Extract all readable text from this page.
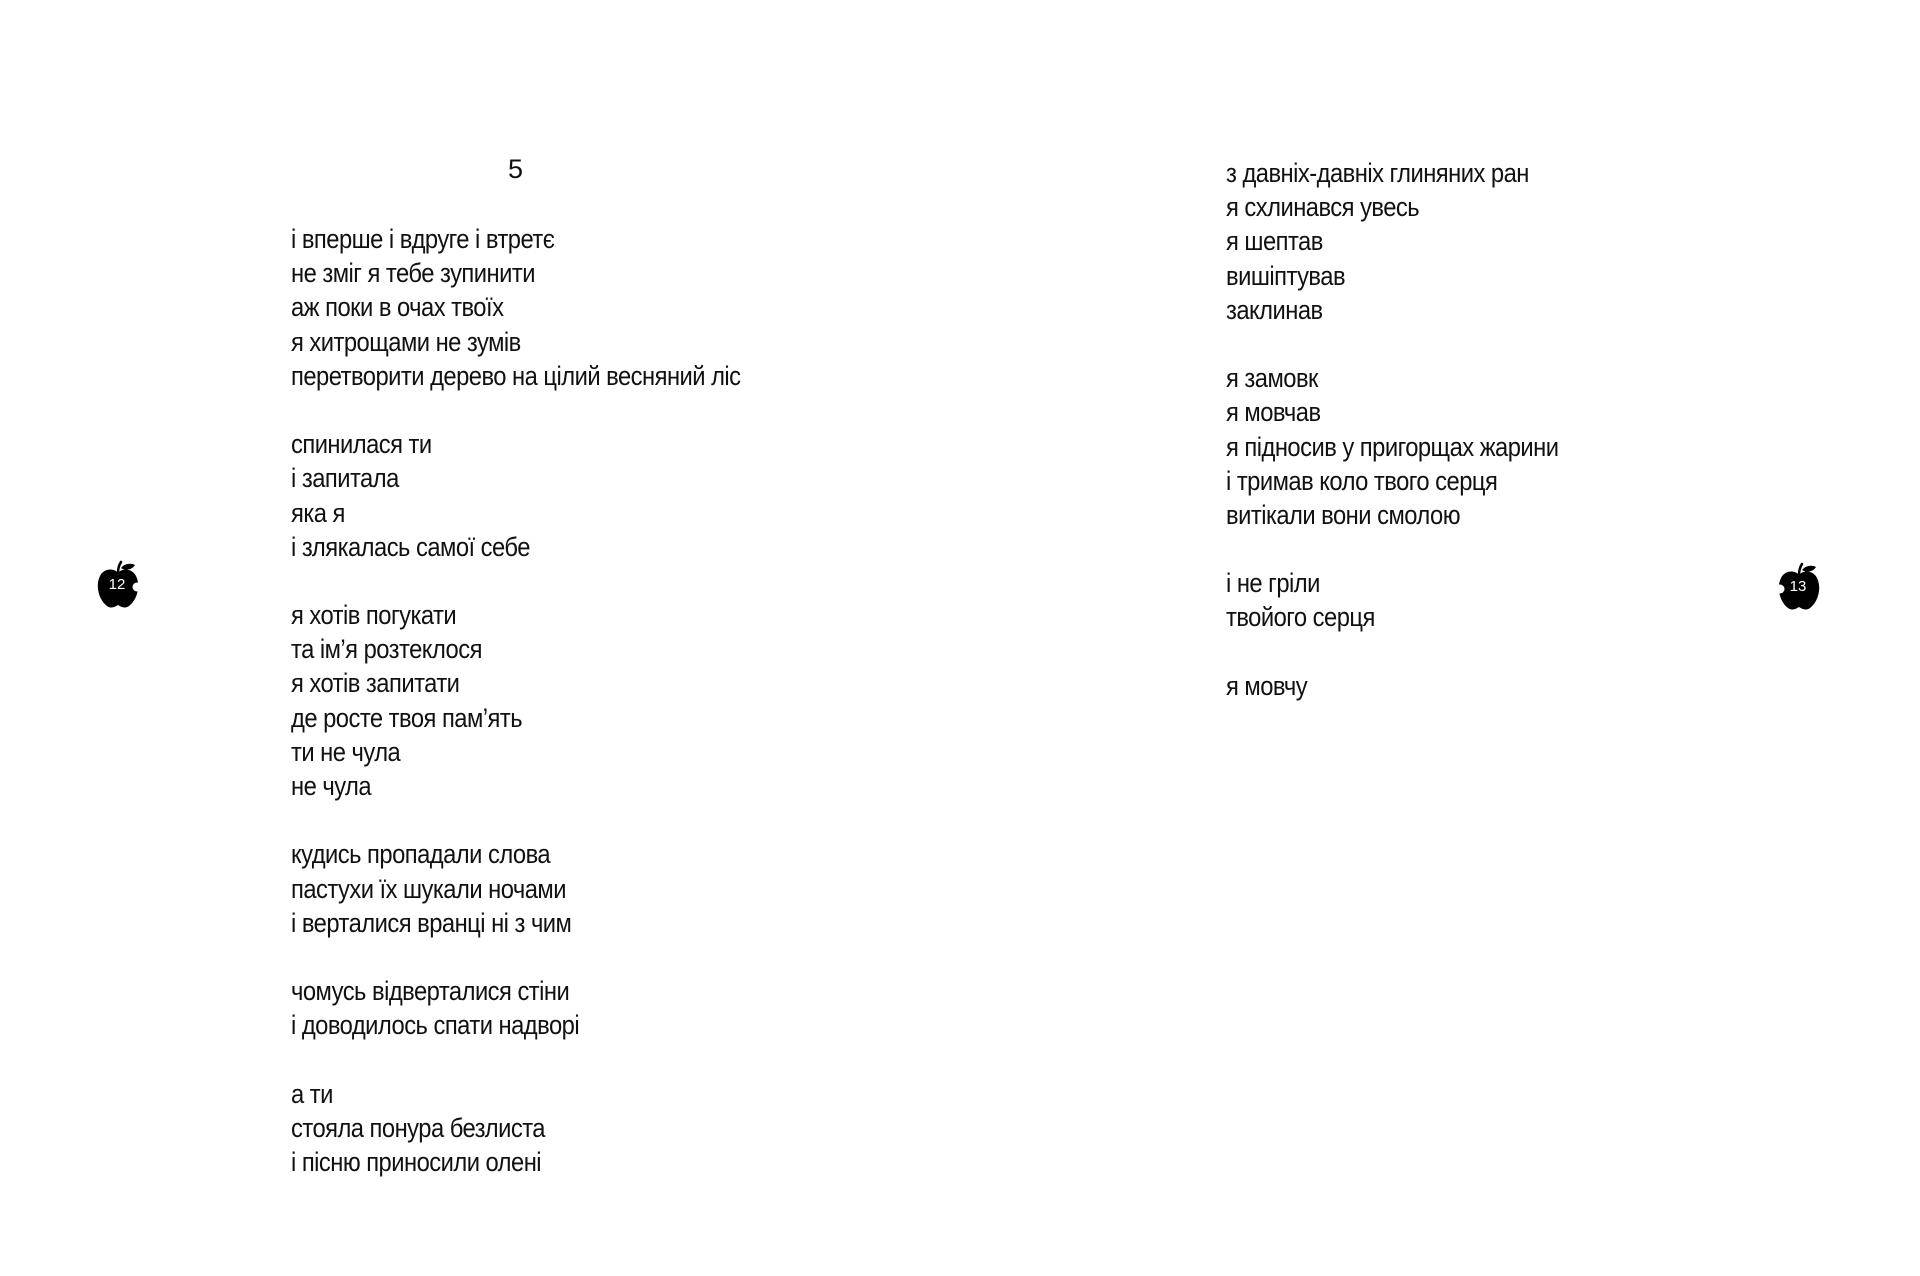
5
і вперше і вдруге і втретє
не зміг я тебе зупинити
аж поки в очах твоїх
я хитрощами не зумів
перетворити дерево на цілий весняний ліс
спинилася ти
і запитала
яка я
і злякалась самої себе
я хотів погукати
та ім’я розтеклося
я хотів запитати
де росте твоя пам’ять
ти не чула
не чула
кудись пропадали слова
пастухи їх шукали ночами
і верталися вранці ні з чим
чомусь відверталися стіни
і доводилось спати надворі
а ти
стояла понура безлиста
і пісню приносили олені
з давніх-давніх глиняних ран
я схлинався увесь
я шептав
вишіптував
заклинав
я замовк
я мовчав
я підносив у пригорщах жарини
і тримав коло твого серця
витікали вони смолою
і не гріли
твойого серця
я мовчу
12	13
